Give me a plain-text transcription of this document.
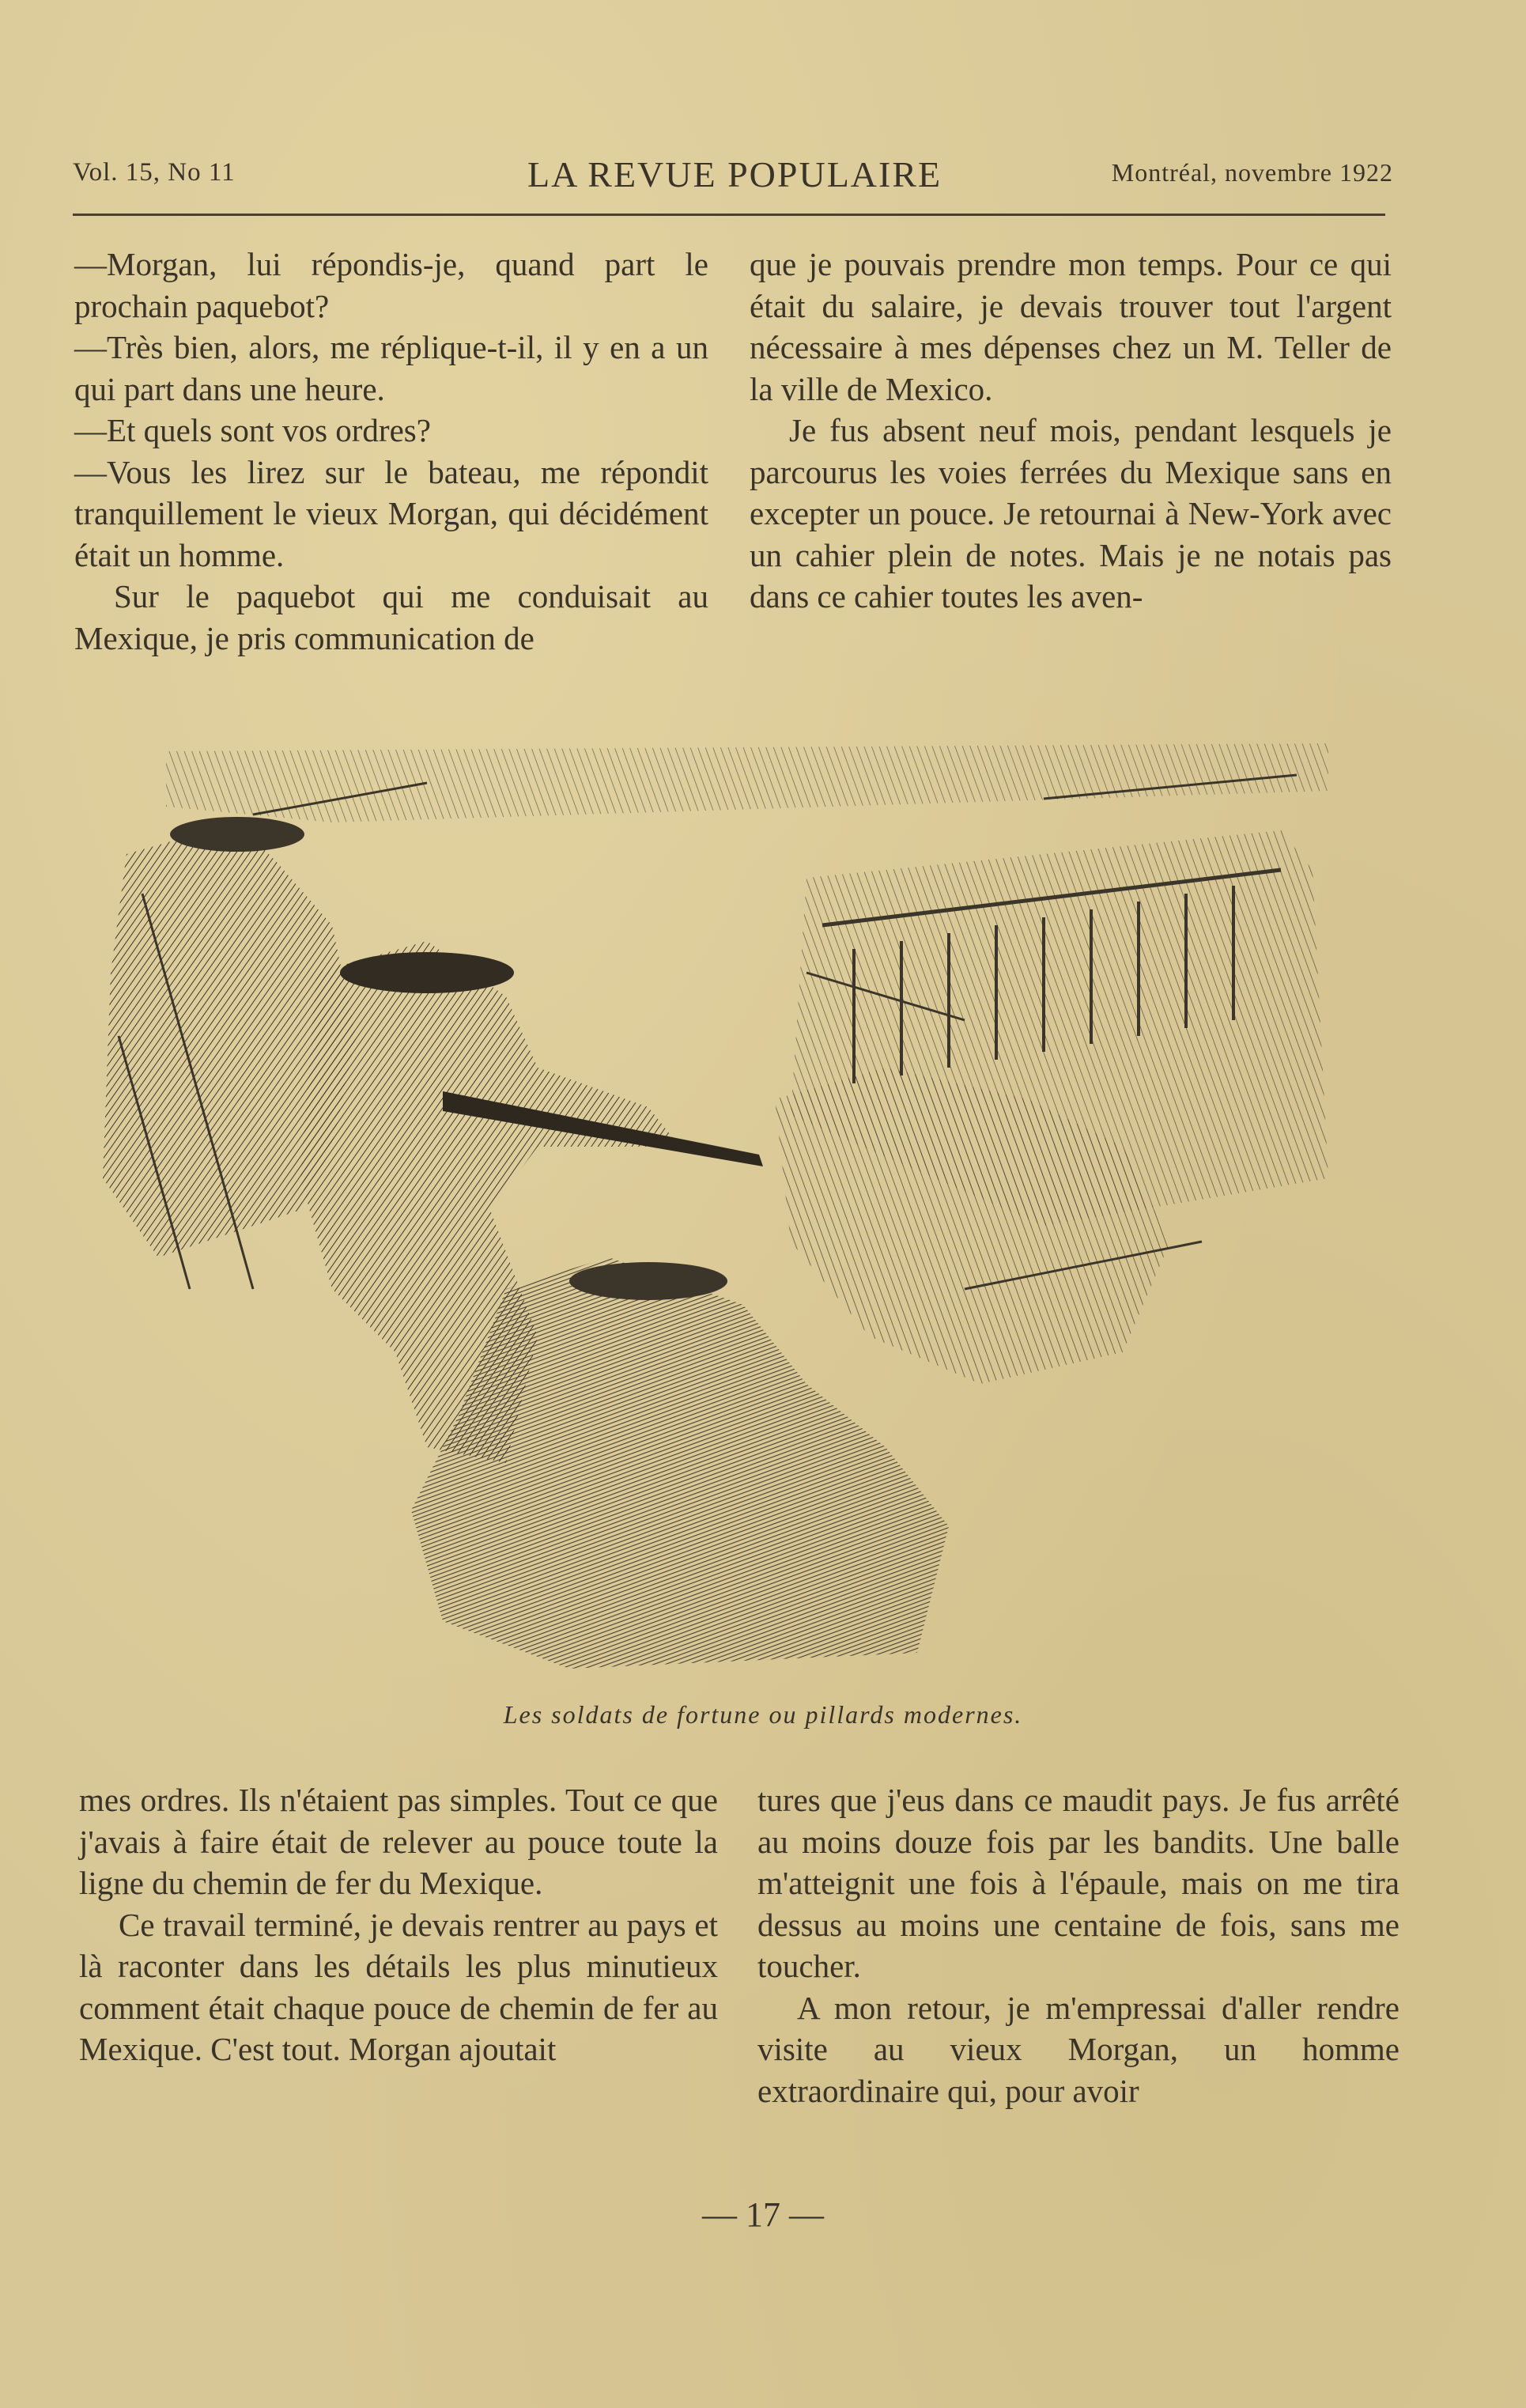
Vol. 15, No 11	LA REVUE POPULAIRE	Montréal, novembre 1922

—Morgan, lui répondis-je, quand part le prochain paquebot?

—Très bien, alors, me réplique-t-il, il y en a un qui part dans une heure.

—Et quels sont vos ordres?

—Vous les lirez sur le bateau, me répondit tranquillement le vieux Morgan, qui décidément était un homme.

Sur le paquebot qui me conduisait au Mexique, je pris communication de

que je pouvais prendre mon temps. Pour ce qui était du salaire, je devais trouver tout l'argent nécessaire à mes dépenses chez un M. Teller de la ville de Mexico.

Je fus absent neuf mois, pendant lesquels je parcourus les voies ferrées du Mexique sans en excepter un pouce. Je retournai à New-York avec un cahier plein de notes. Mais je ne notais pas dans ce cahier toutes les aven-

Les soldats de fortune ou pillards modernes.

mes ordres. Ils n'étaient pas simples. Tout ce que j'avais à faire était de relever au pouce toute la ligne du chemin de fer du Mexique.

Ce travail terminé, je devais rentrer au pays et là raconter dans les détails les plus minutieux comment était chaque pouce de chemin de fer au Mexique. C'est tout. Morgan ajoutait

tures que j'eus dans ce maudit pays. Je fus arrêté au moins douze fois par les bandits. Une balle m'atteignit une fois à l'épaule, mais on me tira dessus au moins une centaine de fois, sans me toucher.

A mon retour, je m'empressai d'aller rendre visite au vieux Morgan, un homme extraordinaire qui, pour avoir

— 17 —
